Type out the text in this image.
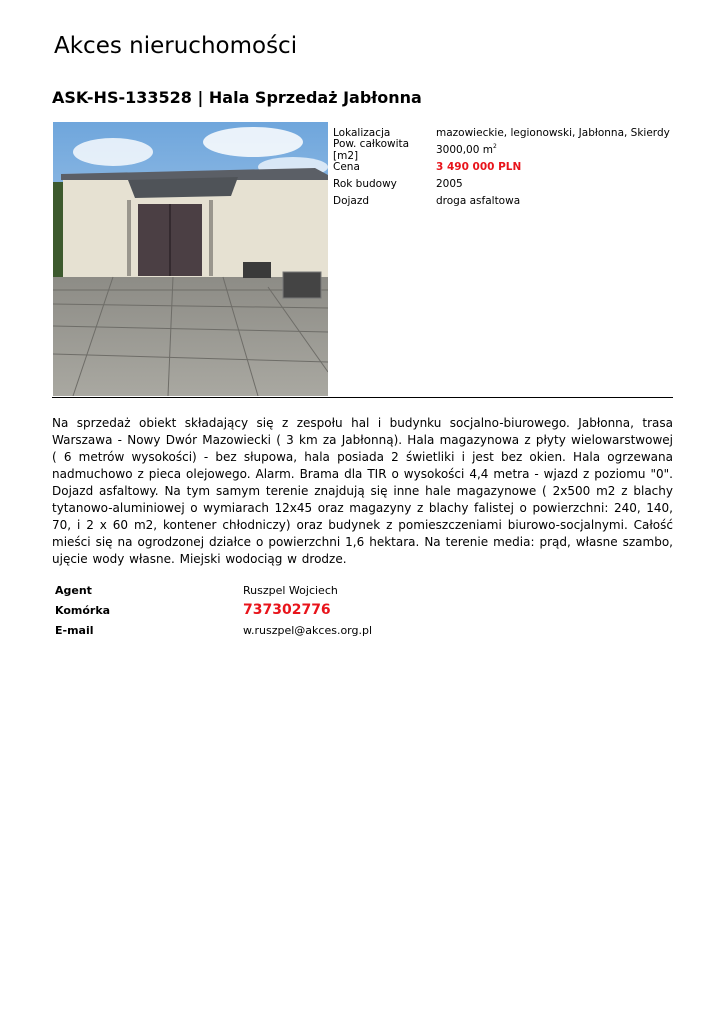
Akces nieruchomości
ASK-HS-133528 | Hala Sprzedaż Jabłonna
Lokalizacja	mazowieckie, legionowski, Jabłonna, Skierdy
Pow. całkowita [m2]	3000,00 $m^2$
Cena	3 490 000 PLN
Rok budowy	2005
Dojazd	droga asfaltowa
Na sprzedaż obiekt składający się z zespołu hal i budynku socjalno-biurowego. Jabłonna, trasa Warszawa - Nowy Dwór Mazowiecki ( 3 km za Jabłonną). Hala magazynowa z płyty wielowarstwowej ( 6 metrów wysokości) - bez słupowa, hala posiada 2 świetliki i jest bez okien. Hala ogrzewana nadmuchowo z pieca olejowego. Alarm. Brama dla TIR o wysokości 4,4 metra - wjazd z poziomu "0". Dojazd asfaltowy. Na tym samym terenie znajdują się inne hale magazynowe ( 2x500 m2 z blachy tytanowo-aluminiowej o wymiarach 12x45 oraz magazyny z blachy falistej o powierzchni: 240, 140, 70, i 2 x 60 m2, kontener chłodniczy) oraz budynek z pomieszczeniami biurowo-socjalnymi. Całość mieści się na ogrodzonej działce o powierzchni 1,6 hektara. Na terenie media: prąd, własne szambo, ujęcie wody własne. Miejski wodociąg w drodze.
Agent	Ruszpel Wojciech
Komórka	737302776
E-mail	w.ruszpel@akces.org.pl
